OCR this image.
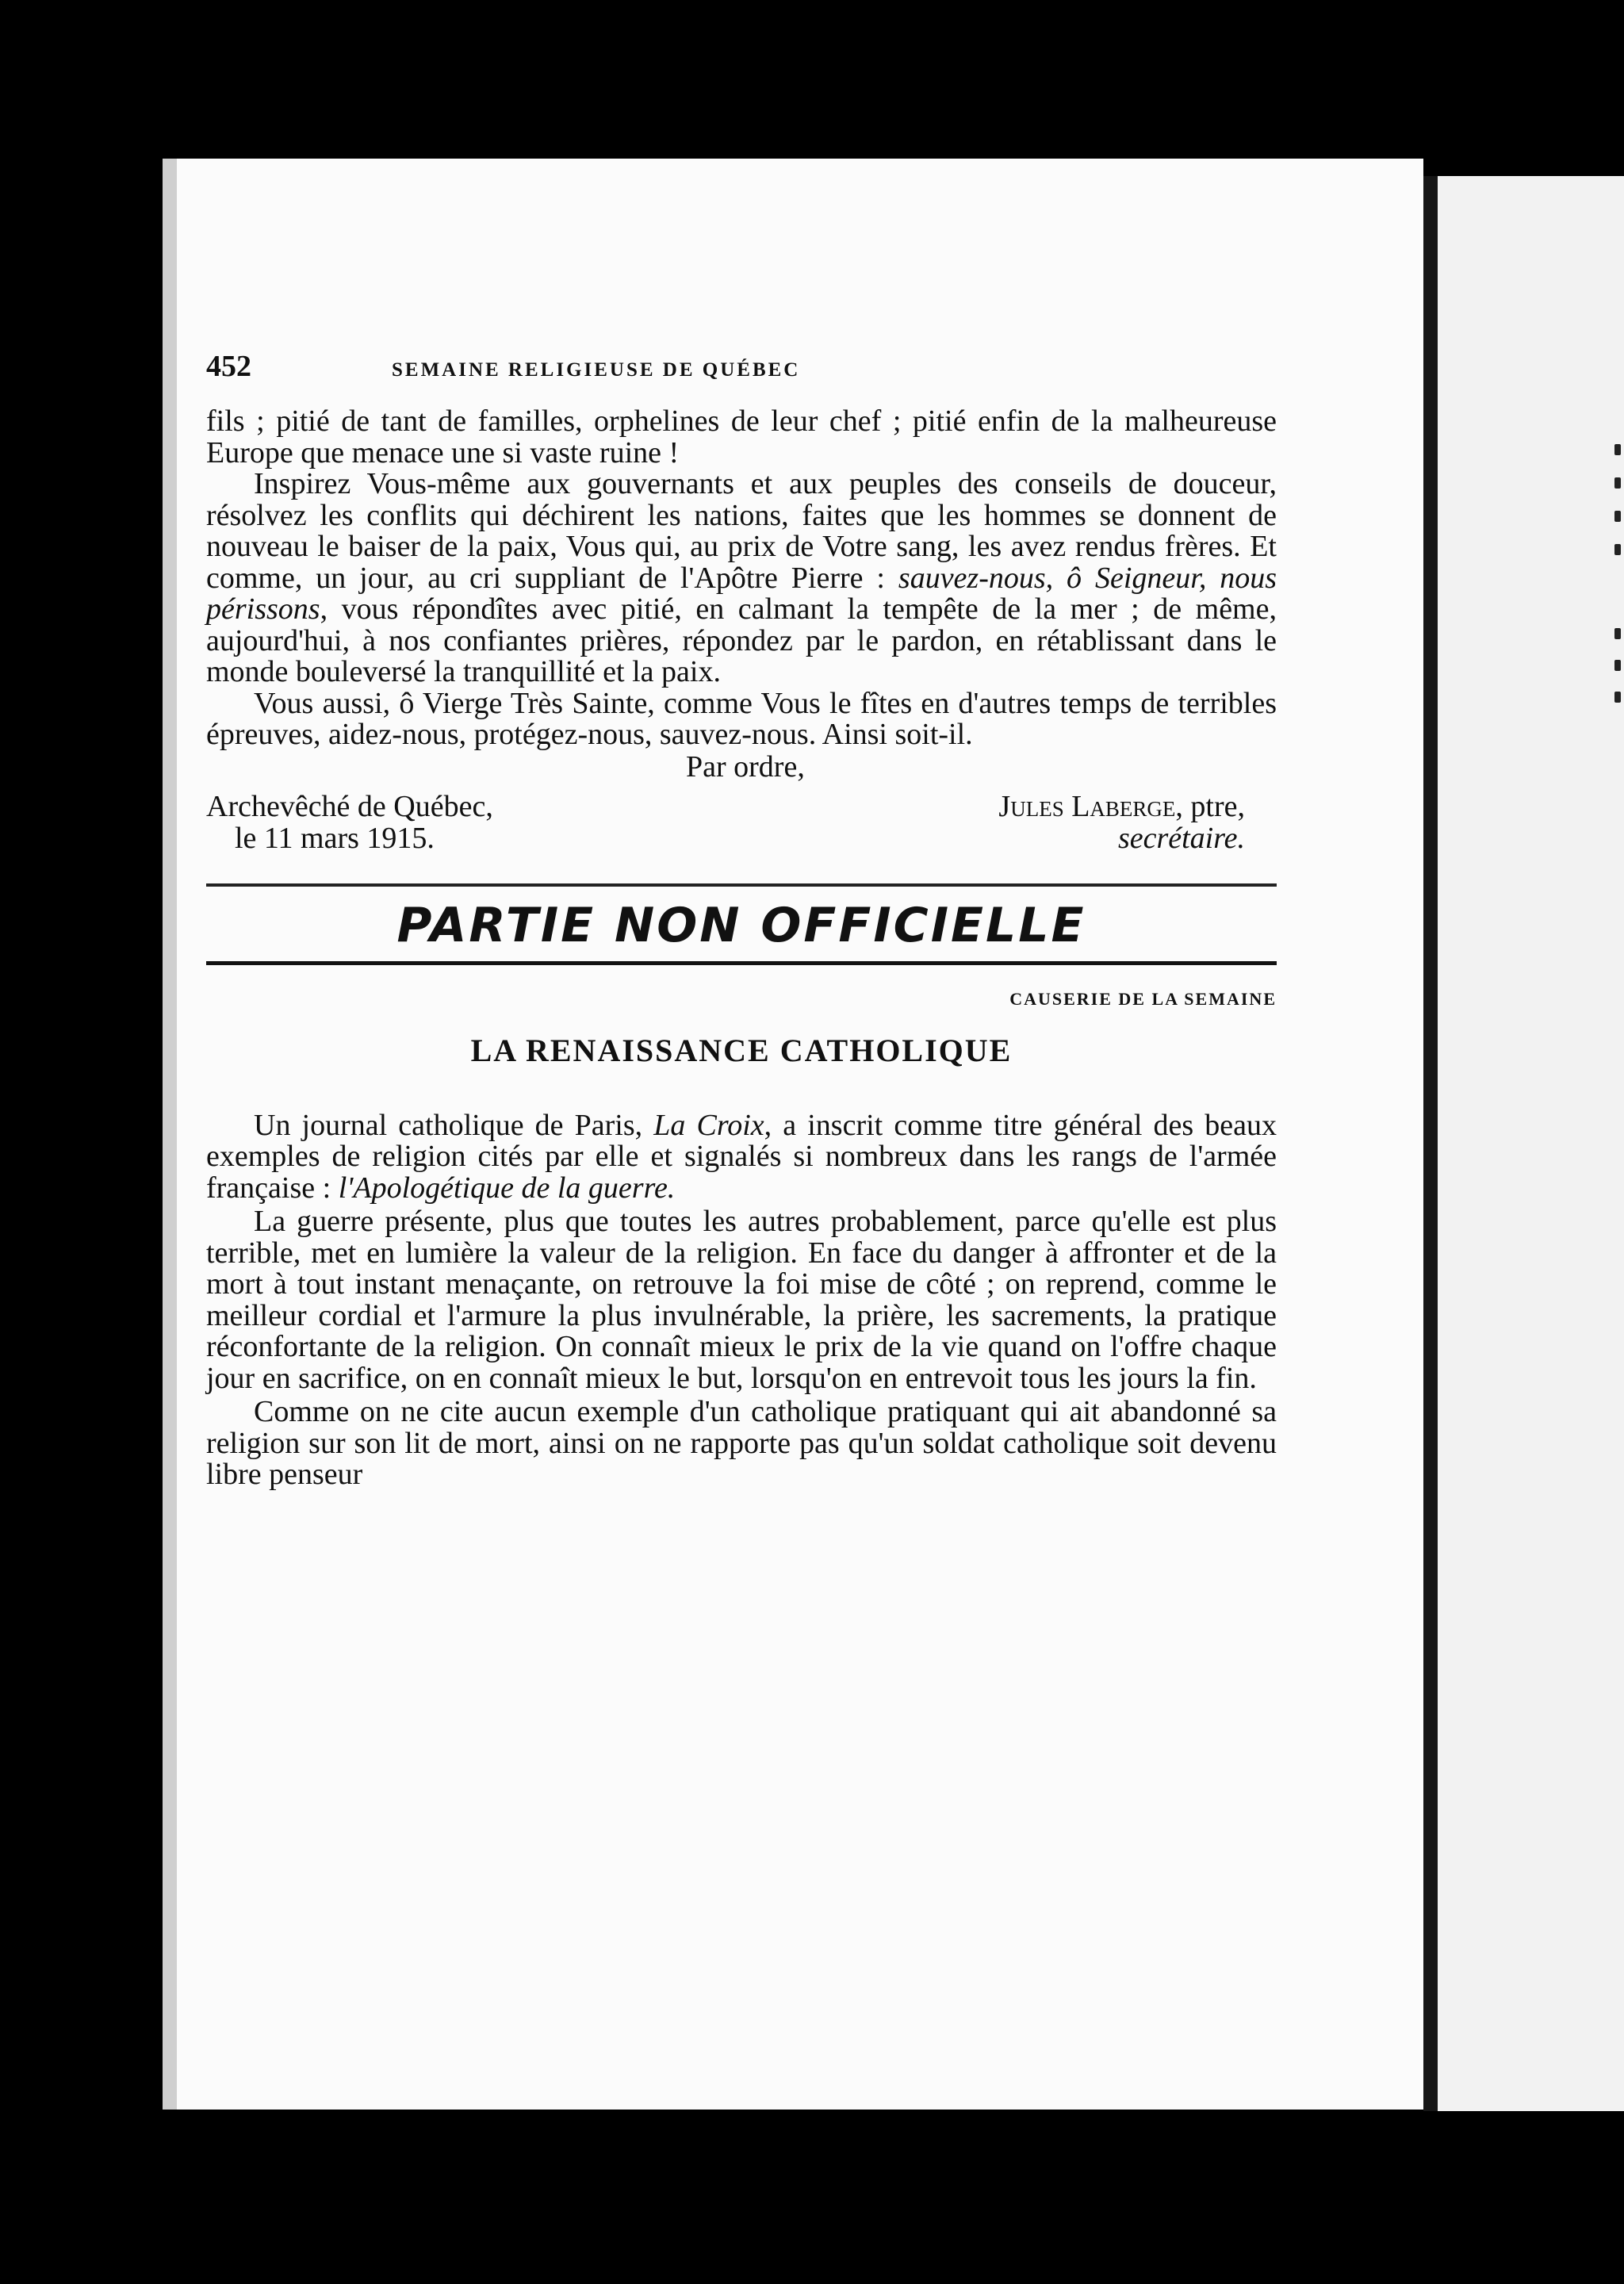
452	SEMAINE RELIGIEUSE DE QUÉBEC

fils ; pitié de tant de familles, orphelines de leur chef ; pitié enfin de la malheureuse Europe que menace une si vaste ruine !

Inspirez Vous-même aux gouvernants et aux peuples des conseils de douceur, résolvez les conflits qui déchirent les nations, faites que les hommes se donnent de nouveau le baiser de la paix, Vous qui, au prix de Votre sang, les avez rendus frères. Et comme, un jour, au cri suppliant de l'Apôtre Pierre : sauvez-nous, ô Seigneur, nous périssons, vous répondîtes avec pitié, en calmant la tempête de la mer ; de même, aujourd'hui, à nos confiantes prières, répondez par le pardon, en rétablissant dans le monde bouleversé la tranquillité et la paix.

Vous aussi, ô Vierge Très Sainte, comme Vous le fîtes en d'autres temps de terribles épreuves, aidez-nous, protégez-nous, sauvez-nous. Ainsi soit-il.

Par ordre,
Archevêché de Québec,
le 11 mars 1915.
Jules Laberge, ptre,
secrétaire.
PARTIE NON OFFICIELLE
CAUSERIE DE LA SEMAINE
LA RENAISSANCE CATHOLIQUE

Un journal catholique de Paris, La Croix, a inscrit comme titre général des beaux exemples de religion cités par elle et signalés si nombreux dans les rangs de l'armée française : l'Apologétique de la guerre.

La guerre présente, plus que toutes les autres probablement, parce qu'elle est plus terrible, met en lumière la valeur de la religion. En face du danger à affronter et de la mort à tout instant menaçante, on retrouve la foi mise de côté ; on reprend, comme le meilleur cordial et l'armure la plus invulnérable, la prière, les sacrements, la pratique réconfortante de la religion. On connaît mieux le prix de la vie quand on l'offre chaque jour en sacrifice, on en connaît mieux le but, lorsqu'on en entrevoit tous les jours la fin.

Comme on ne cite aucun exemple d'un catholique pratiquant qui ait abandonné sa religion sur son lit de mort, ainsi on ne rapporte pas qu'un soldat catholique soit devenu libre penseur
